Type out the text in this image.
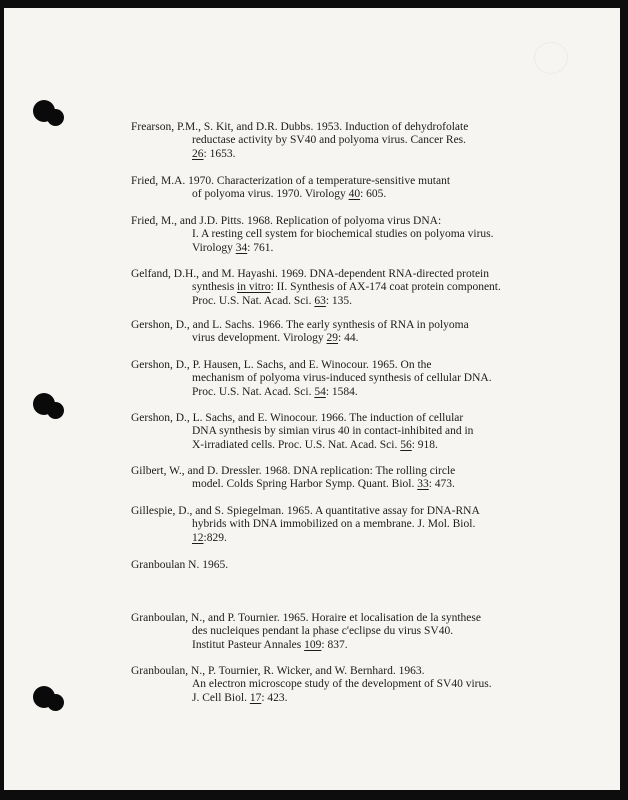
Frearson, P.M., S. Kit, and D.R. Dubbs. 1953. Induction of dehydrofolate
reductase activity by SV40 and polyoma virus. Cancer Res.
26: 1653.
Fried, M.A. 1970. Characterization of a temperature-sensitive mutant
of polyoma virus. 1970. Virology 40: 605.
Fried, M., and J.D. Pitts. 1968. Replication of polyoma virus DNA:
I. A resting cell system for biochemical studies on polyoma virus.
Virology 34: 761.
Gelfand, D.H., and M. Hayashi. 1969. DNA-dependent RNA-directed protein
synthesis in vitro: II. Synthesis of AX-174 coat protein component.
Proc. U.S. Nat. Acad. Sci. 63: 135.
Gershon, D., and L. Sachs. 1966. The early synthesis of RNA in polyoma
virus development. Virology 29: 44.
Gershon, D., P. Hausen, L. Sachs, and E. Winocour. 1965. On the
mechanism of polyoma virus-induced synthesis of cellular DNA.
Proc. U.S. Nat. Acad. Sci. 54: 1584.
Gershon, D., L. Sachs, and E. Winocour. 1966. The induction of cellular
DNA synthesis by simian virus 40 in contact-inhibited and in
X-irradiated cells. Proc. U.S. Nat. Acad. Sci. 56: 918.
Gilbert, W., and D. Dressler. 1968. DNA replication: The rolling circle
model. Colds Spring Harbor Symp. Quant. Biol. 33: 473.
Gillespie, D., and S. Spiegelman. 1965. A quantitative assay for DNA-RNA
hybrids with DNA immobilized on a membrane. J. Mol. Biol.
12:829.
Granboulan N. 1965.
Granboulan, N., and P. Tournier. 1965. Horaire et localisation de la synthese
des nucleiques pendant la phase c'eclipse du virus SV40.
Institut Pasteur Annales 109: 837.
Granboulan, N., P. Tournier, R. Wicker, and W. Bernhard. 1963.
An electron microscope study of the development of SV40 virus.
J. Cell Biol. 17: 423.
